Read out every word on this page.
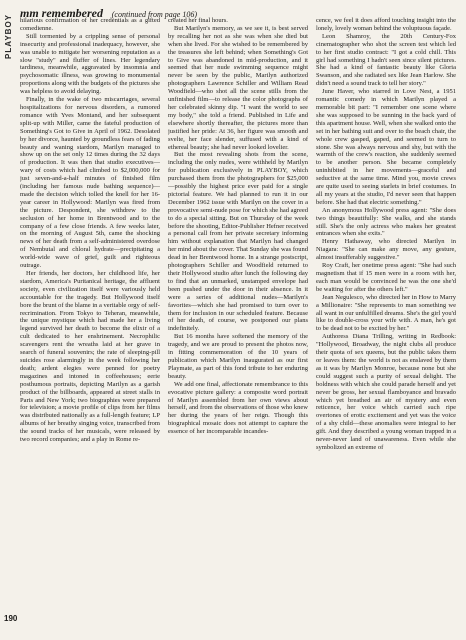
PLAYBOY
mm remembered (continued from page 106)

hilarious confirmation of her credentials as a gifted comedienne.

Still tormented by a crippling sense of personal insecurity and professional inadequacy, however, she was unable to mitigate her worsening reputation as a slow "study" and fluffer of lines. Her legendary tardiness, meanwhile, aggravated by insomnia and psychosomatic illness, was growing to monumental proportions along with the budgets of the pictures she was helpless to avoid delaying.

Finally, in the wake of two miscarriages, several hospitalizations for nervous disorders, a rumored romance with Yves Montand, and her subsequent split-up with Miller, came the fateful production of Something's Got to Give in April of 1962. Desolated by her divorce, haunted by groundless fears of fading beauty and waning stardom, Marilyn managed to show up on the set only 12 times during the 32 days of production. It was then that studio executives—wary of costs which had climbed to $2,000,000 for just seven-and-a-half minutes of finished film (including her famous nude bathing sequence)—made the decision which tolled the knell for her 16-year career in Hollywood: Marilyn was fired from the picture. Despondent, she withdrew to the seclusion of her home in Brentwood and to the company of a few close friends. A few weeks later, on the morning of August 5th, came the shocking news of her death from a self-administered overdose of Nembutal and chloral hydrate—precipitating a world-wide wave of grief, guilt and righteous outrage.

Her friends, her doctors, her childhood life, her stardom, America's Puritanical heritage, the affluent society, even civilization itself were variously held accountable for the tragedy. But Hollywood itself bore the brunt of the blame in a veritable orgy of self-recrimination. From Tokyo to Teheran, meanwhile, the unique mystique which had made her a living legend survived her death to become the elixir of a cult dedicated to her enshrinement. Necrophilic scavengers rent the wreaths laid at her grave in search of funeral souvenirs; the rate of sleeping-pill suicides rose alarmingly in the week following her death; ardent elegies were penned for poetry magazines and intoned in coffeehouses; eerie posthumous portraits, depicting Marilyn as a garish product of the billboards, appeared at street stalls in Paris and New York; two biographies were prepared for television; a movie profile of clips from her films was distributed nationally as a full-length feature; LP albums of her breathy singing voice, transcribed from the sound tracks of her musicals, were released by two record companies; and a play in Rome re-

created her final hours.

But Marilyn's memory, as we see it, is best served by recalling her not as she was when she died but when she lived. For she wished to be remembered by the treasures she left behind; when Something's Got to Give was abandoned in mid-production, and it seemed that her nude swimming sequence might never be seen by the public, Marilyn authorized photographers Lawrence Schiller and William Read Woodfield—who shot all the scene stills from the unfinished film—to release the color photographs of her celebrated skinny dip. "I want the world to see my body," she told a friend. Published in Life and elsewhere shortly thereafter, the pictures more than justified her pride: At 36, her figure was smooth and svelte, her face slender, suffused with a kind of ethereal beauty; she had never looked lovelier.

But the most revealing shots from the scene, including the only nudes, were withheld by Marilyn for publication exclusively in PLAYBOY, which purchased them from the photographers for $25,000—possibly the highest price ever paid for a single pictorial feature. We had planned to run it in our December 1962 issue with Marilyn on the cover in a provocative semi-nude pose for which she had agreed to do a special sitting. But on Thursday of the week before the shooting, Editor-Publisher Hefner received a personal call from her private secretary informing him without explanation that Marilyn had changed her mind about the cover. That Sunday she was found dead in her Brentwood home. In a strange postscript, photographers Schiller and Woodfield returned to their Hollywood studio after lunch the following day to find that an unmarked, unstamped envelope had been pushed under the door in their absence. In it were a series of additional nudes—Marilyn's favorites—which she had promised to turn over to them for inclusion in our scheduled feature. Because of her death, of course, we postponed our plans indefinitely.

But 16 months have softened the memory of the tragedy, and we are proud to present the photos now, in fitting commemoration of the 10 years of publication which Marilyn inaugurated as our first Playmate, as part of this fond tribute to her enduring beauty.

We add one final, affectionate remembrance to this evocative picture gallery: a composite word portrait of Marilyn assembled from her own views about herself, and from the observations of those who knew her during the years of her reign. Though this biographical mosaic does not attempt to capture the essence of her incomparable incandes-

cence, we feel it does afford touching insight into the lonely, lovely woman behind the voluptuous façade.

Leon Shamroy, the 20th Century-Fox cinematographer who shot the screen test which led to her first studio contract: "I got a cold chill. This girl had something I hadn't seen since silent pictures. She had a kind of fantastic beauty like Gloria Swanson, and she radiated sex like Jean Harlow. She didn't need a sound track to tell her story."

June Haver, who starred in Love Nest, a 1951 romantic comedy in which Marilyn played a memorable bit part: "I remember one scene where she was supposed to be sunning in the back yard of this apartment house. Well, when she walked onto the set in her bathing suit and over to the beach chair, the whole crew gasped, gaped, and seemed to turn to stone. She was always nervous and shy, but with the warmth of the crew's reaction, she suddenly seemed to be another person. She became completely uninhibited in her movements—graceful and seductive at the same time. Mind you, movie crews are quite used to seeing starlets in brief costumes. In all my years at the studio, I'd never seen that happen before. She had that electric something."

An anonymous Hollywood press agent: "She does two things beautifully: She walks, and she stands still. She's the only actress who makes her greatest entrances when she exits."

Henry Hathaway, who directed Marilyn in Niagara: "She can make any move, any gesture, almost insufferably suggestive."

Roy Craft, her onetime press agent: "She had such magnetism that if 15 men were in a room with her, each man would be convinced he was the one she'd be waiting for after the others left."

Jean Negulesco, who directed her in How to Marry a Millionaire: "She represents to man something we all want in our unfulfilled dreams. She's the girl you'd like to double-cross your wife with. A man, he's got to be dead not to be excited by her."

Authoress Diana Trilling, writing in Redbook: "Hollywood, Broadway, the night clubs all produce their quota of sex queens, but the public takes them or leaves them: the world is not as enslaved by them as it was by Marilyn Monroe, because none but she could suggest such a purity of sexual delight. The boldness with which she could parade herself and yet never be gross, her sexual flamboyance and bravado which yet breathed an air of mystery and even reticence, her voice which carried such ripe overtones of erotic excitement and yet was the voice of a shy child—these anomalies were integral to her gift. And they described a young woman trapped in a never-never land of unawareness. Even while she symbolized an extreme of

190
